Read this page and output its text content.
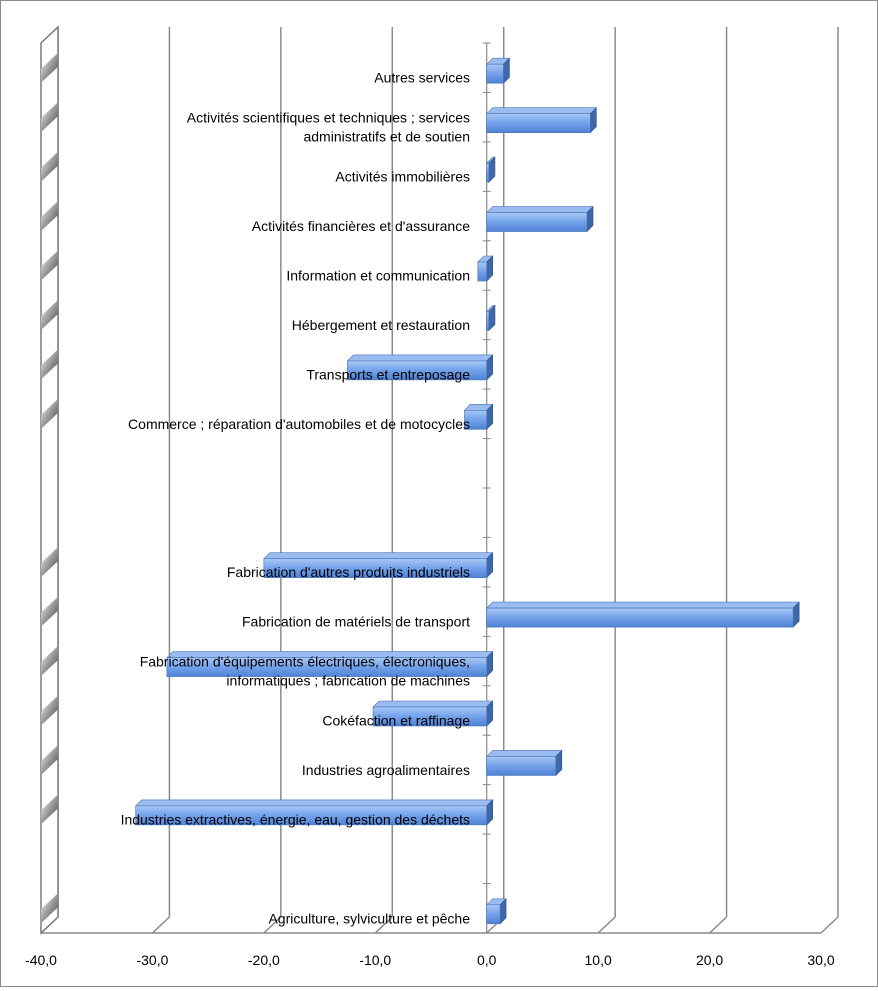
Autres services
Activités scientifiques et techniques ; services administratifs et de soutien
Activités immobilières
Activités financières et d'assurance
Information et communication
Hébergement et restauration
Transports et entreposage
Commerce ; réparation d'automobiles et de motocycles
Fabrication d'autres produits industriels
Fabrication de matériels de transport
Fabrication d'équipements électriques, électroniques, informatiques ; fabrication de machines
Cokéfaction et raffinage
Industries agroalimentaires
Industries extractives, énergie, eau, gestion des déchets
Agriculture, sylviculture et pêche
-40,0	-30,0	-20,0	-10,0	0,0	10,0	20,0	30,0
